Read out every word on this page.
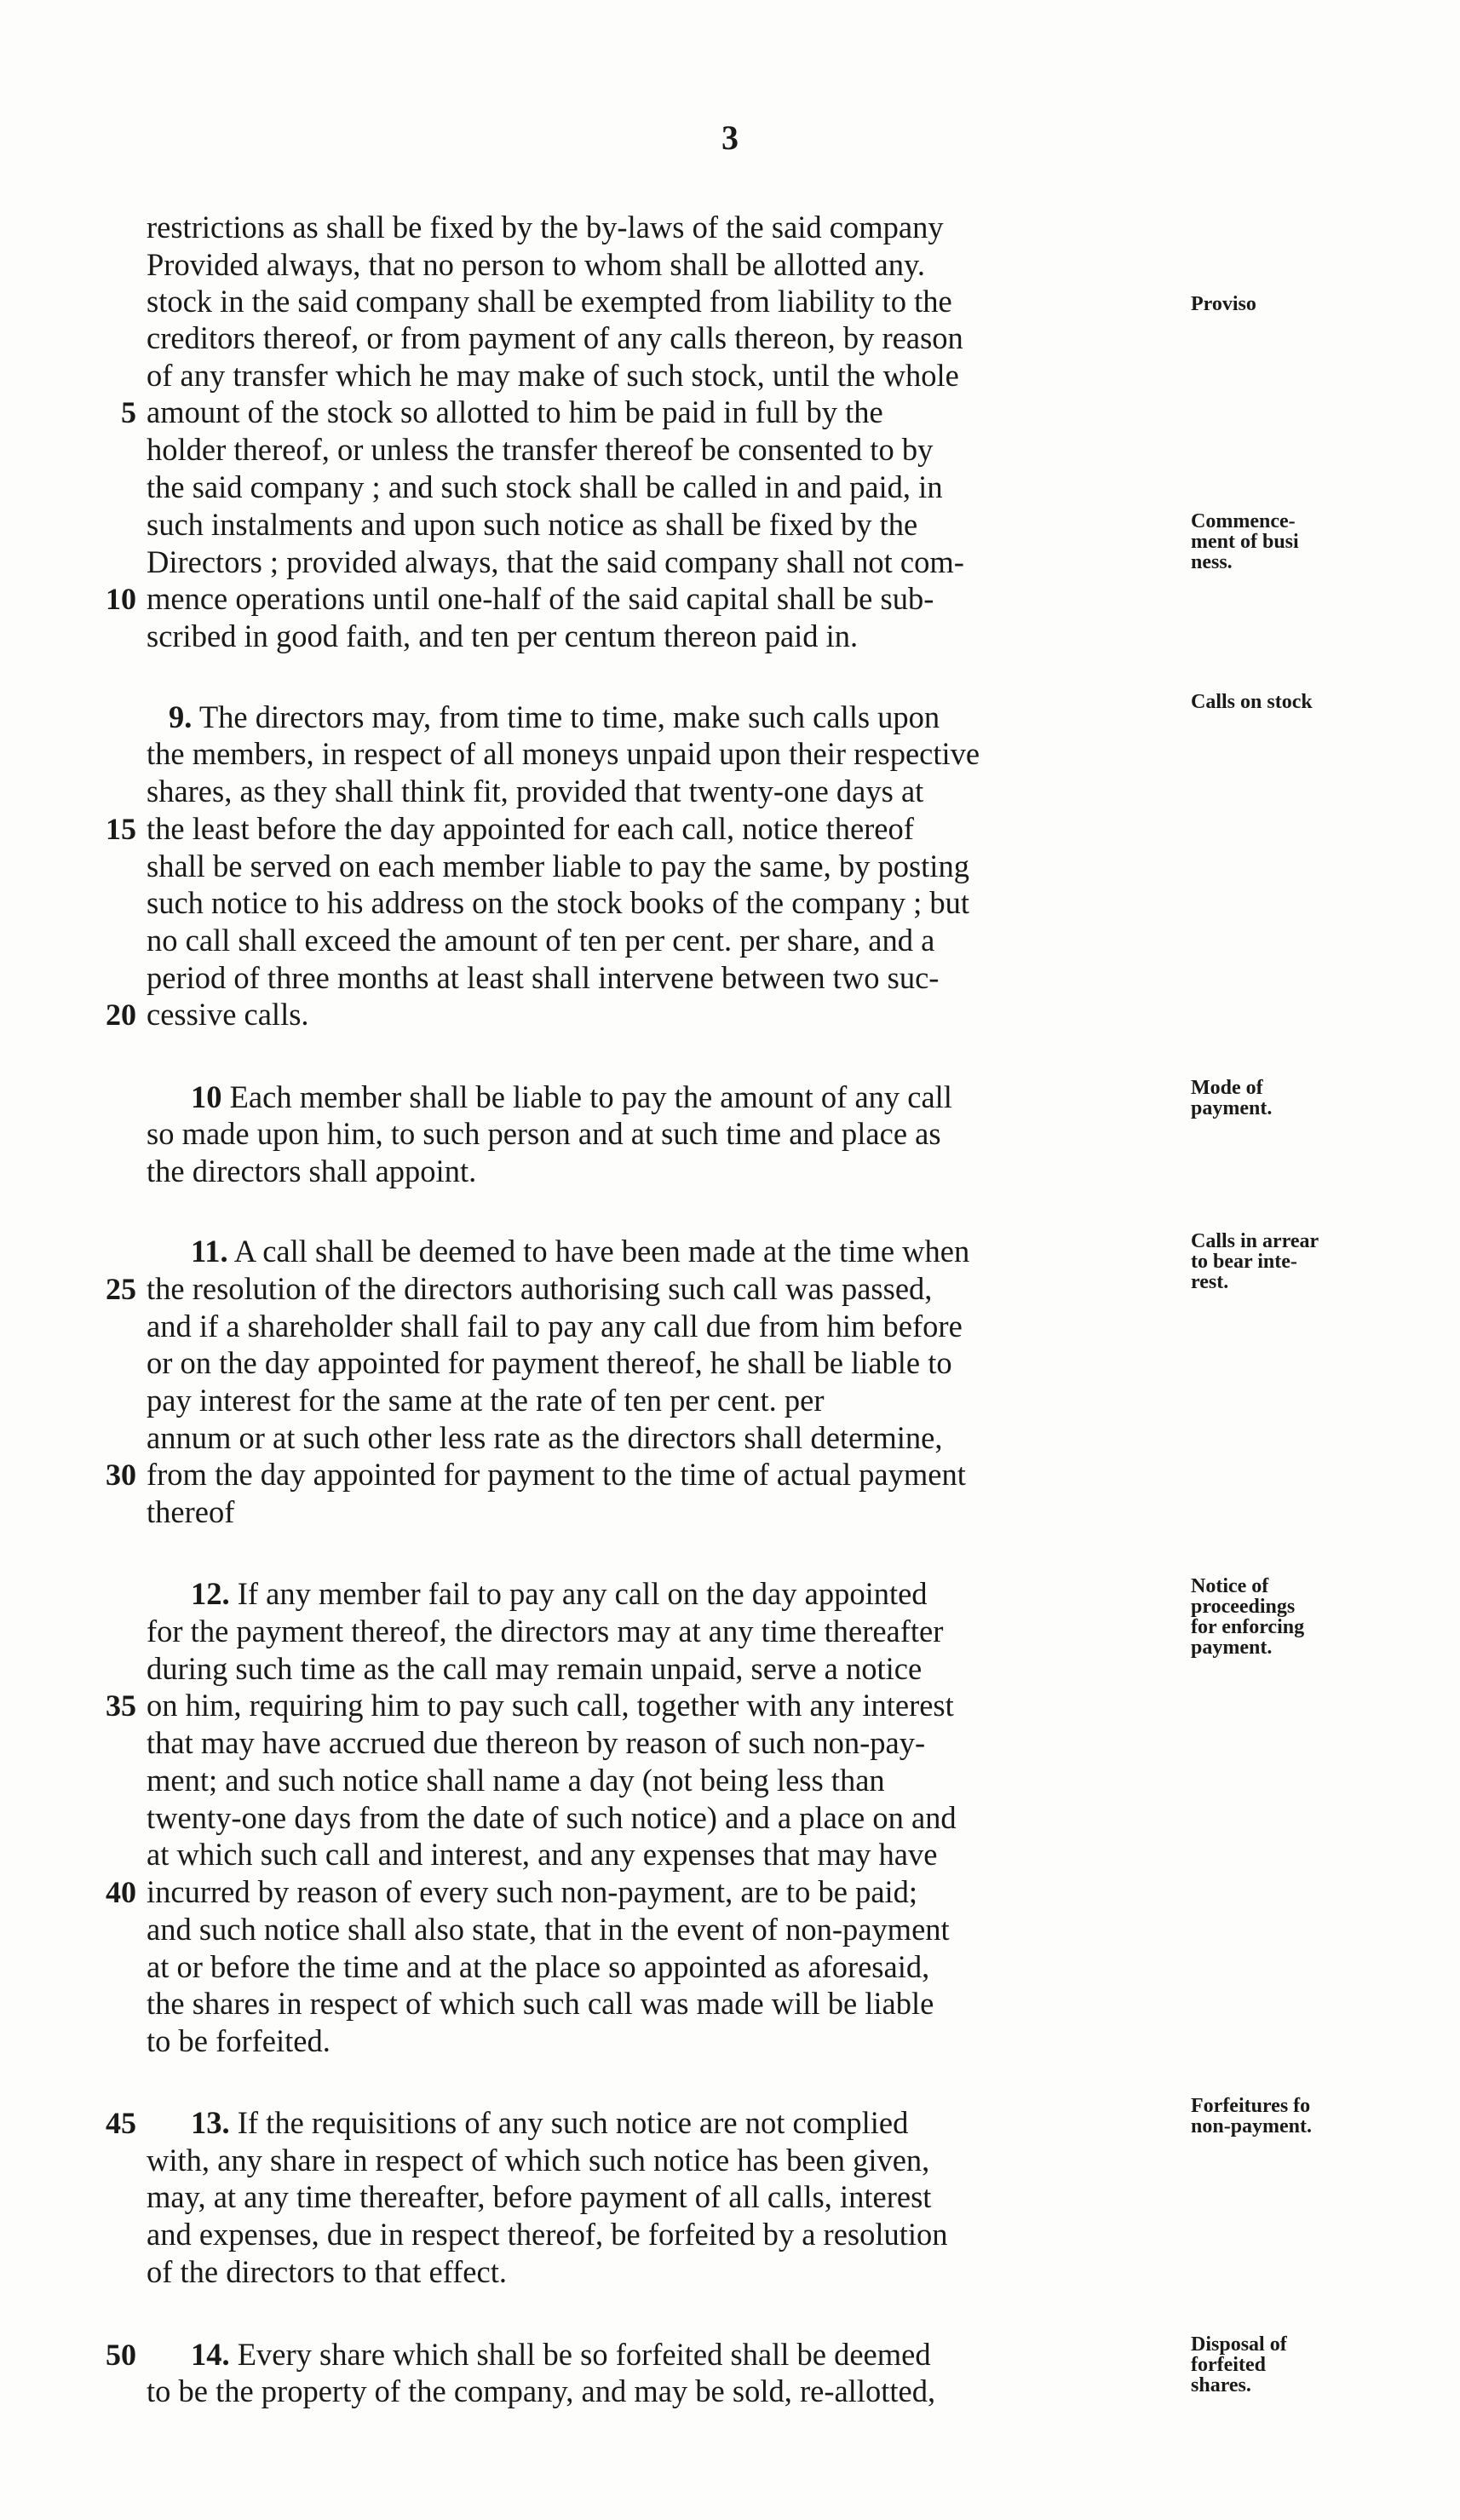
3
restrictions as shall be fixed by the by-laws of the said company
Provided always, that no person to whom shall be allotted any.
stock in the said company shall be exempted from liability to the
creditors thereof, or from payment of any calls thereon, by reason
of any transfer which he may make of such stock, until the whole
amount of the stock so allotted to him be paid in full by the
holder thereof, or unless the transfer thereof be consented to by
the said company ; and such stock shall be called in and paid, in
such instalments and upon such notice as shall be fixed by the
Directors ; provided always, that the said company shall not com-
mence operations until one-half of the said capital shall be sub-
scribed in good faith, and ten per centum thereon paid in.
9. The directors may, from time to time, make such calls upon
the members, in respect of all moneys unpaid upon their respective
shares, as they shall think fit, provided that twenty-one days at
the least before the day appointed for each call, notice thereof
shall be served on each member liable to pay the same, by posting
such notice to his address on the stock books of the company ; but
no call shall exceed the amount of ten per cent. per share, and a
period of three months at least shall intervene between two suc-
cessive calls.
10 Each member shall be liable to pay the amount of any call
so made upon him, to such person and at such time and place as
the directors shall appoint.
11. A call shall be deemed to have been made at the time when
the resolution of the directors authorising such call was passed,
and if a shareholder shall fail to pay any call due from him before
or on the day appointed for payment thereof, he shall be liable to
pay interest for the same at the rate of ten per cent. per
annum or at such other less rate as the directors shall determine,
from the day appointed for payment to the time of actual payment
thereof
12. If any member fail to pay any call on the day appointed
for the payment thereof, the directors may at any time thereafter
during such time as the call may remain unpaid, serve a notice
on him, requiring him to pay such call, together with any interest
that may have accrued due thereon by reason of such non-pay-
ment; and such notice shall name a day (not being less than
twenty-one days from the date of such notice) and a place on and
at which such call and interest, and any expenses that may have
incurred by reason of every such non-payment, are to be paid;
and such notice shall also state, that in the event of non-payment
at or before the time and at the place so appointed as aforesaid,
the shares in respect of which such call was made will be liable
to be forfeited.
13. If the requisitions of any such notice are not complied
with, any share in respect of which such notice has been given,
may, at any time thereafter, before payment of all calls, interest
and expenses, due in respect thereof, be forfeited by a resolution
of the directors to that effect.
14. Every share which shall be so forfeited shall be deemed
to be the property of the company, and may be sold, re-allotted,
5
10
15
20
25
30
35
40
45
50
Proviso
Commence-
ment of busi
ness.
Calls on stock
Mode of
payment.
Calls in arrear
to bear inte-
rest.
Notice of
proceedings
for enforcing
payment.
Forfeitures fo
non-payment.
Disposal of
forfeited
shares.
